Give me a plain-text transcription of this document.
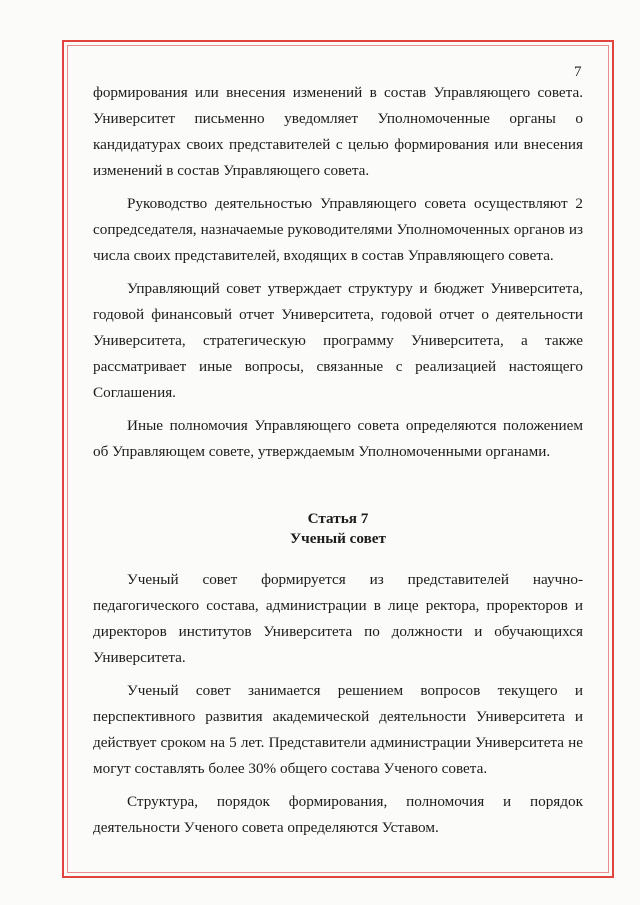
7

формирования или внесения изменений в состав Управляющего совета. Университет письменно уведомляет Уполномоченные органы о кандидатурах своих представителей с целью формирования или внесения изменений в состав Управляющего совета.

Руководство деятельностью Управляющего совета осуществляют 2 сопредседателя, назначаемые руководителями Уполномоченных органов из числа своих представителей, входящих в состав Управляющего совета.

Управляющий совет утверждает структуру и бюджет Университета, годовой финансовый отчет Университета, годовой отчет о деятельности Университета, стратегическую программу Университета, а также рассматривает иные вопросы, связанные с реализацией настоящего Соглашения.

Иные полномочия Управляющего совета определяются положением об Управляющем совете, утверждаемым Уполномоченными органами.

Статья 7

Ученый совет

Ученый совет формируется из представителей научно-педагогического состава, администрации в лице ректора, проректоров и директоров институтов Университета по должности и обучающихся Университета.

Ученый совет занимается решением вопросов текущего и перспективного развития академической деятельности Университета и действует сроком на 5 лет. Представители администрации Университета не могут составлять более 30% общего состава Ученого совета.

Структура, порядок формирования, полномочия и порядок деятельности Ученого совета определяются Уставом.
